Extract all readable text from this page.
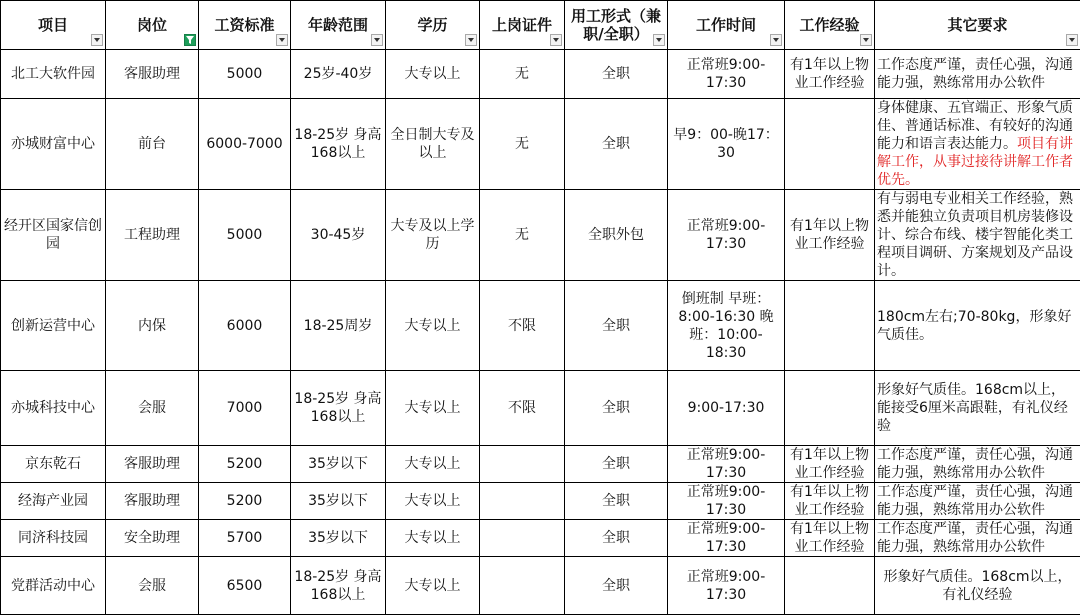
项目	岗位	工资标准	年龄范围	学历	上岗证件	用工形式（兼职/全职）	工作时间	工作经验	其它要求

北工大软件园	客服助理	5000	25岁-40岁	大专以上	无	全职	正常班9:00-17:30	有1年以上物业工作经验	工作态度严谨，责任心强，沟通能力强，熟练常用办公软件
亦城财富中心	前台	6000-7000	18-25岁 身高168以上	全日制大专及以上	无	全职	早9：00-晚17：30		身体健康、五官端正、形象气质佳、普通话标准、有较好的沟通能力和语言表达能力。项目有讲解工作，从事过接待讲解工作者优先。
经开区国家信创园	工程助理	5000	30-45岁	大专及以上学历	无	全职外包	正常班9:00-17:30	有1年以上物业工作经验	有与弱电专业相关工作经验，熟悉并能独立负责项目机房装修设计、综合布线、楼宇智能化类工程项目调研、方案规划及产品设计。
创新运营中心	内保	6000	18-25周岁	大专以上	不限	全职	倒班制 早班：8:00-16:30 晚班：10:00-18:30		180cm左右;70-80kg，形象好气质佳。
亦城科技中心	会服	7000	18-25岁 身高168以上	大专以上	不限	全职	9:00-17:30		形象好气质佳。168cm以上，能接受6厘米高跟鞋，有礼仪经验
京东乾石	客服助理	5200	35岁以下	大专以上		全职	正常班9:00-17:30	有1年以上物业工作经验	工作态度严谨，责任心强，沟通能力强，熟练常用办公软件
经海产业园	客服助理	5200	35岁以下	大专以上		全职	正常班9:00-17:30	有1年以上物业工作经验	工作态度严谨，责任心强，沟通能力强，熟练常用办公软件
同济科技园	安全助理	5700	35岁以下	大专以上		全职	正常班9:00-17:30	有1年以上物业工作经验	工作态度严谨，责任心强，沟通能力强，熟练常用办公软件
党群活动中心	会服	6500	18-25岁 身高168以上	大专以上		全职	正常班9:00-17:30		形象好气质佳。168cm以上，有礼仪经验
